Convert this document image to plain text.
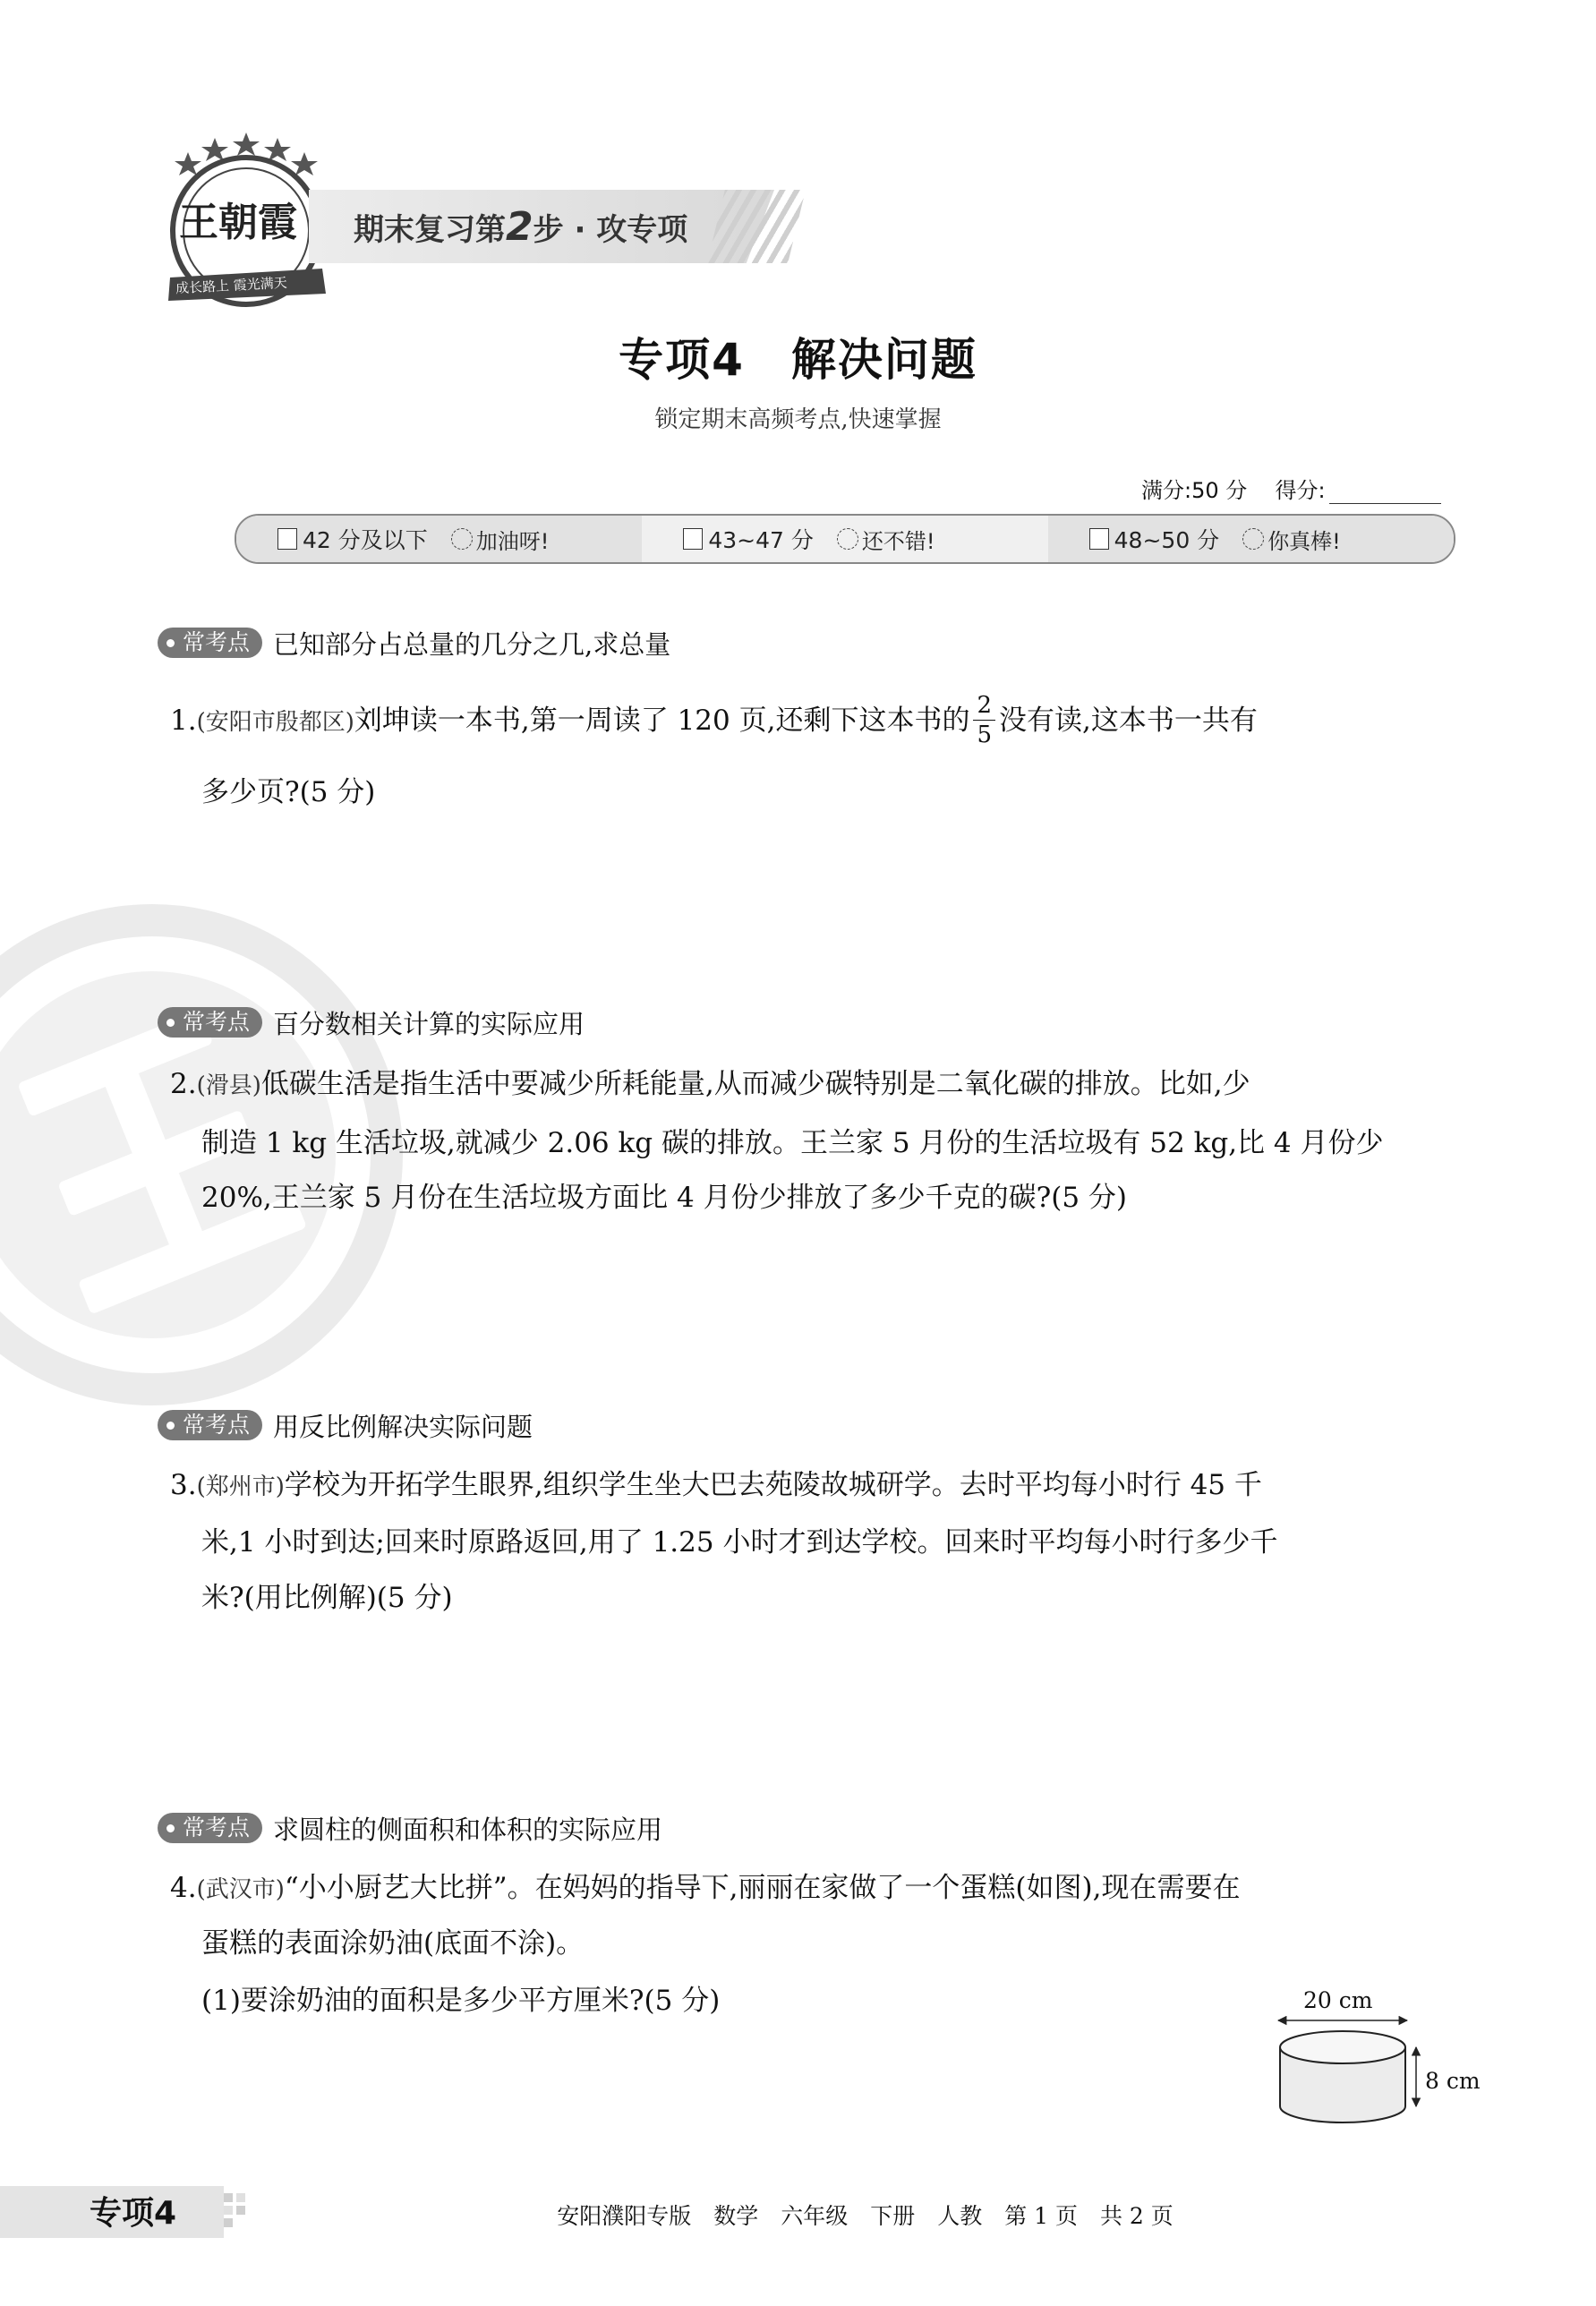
王朝霞
成长路上 霞光满天
期末复习第2步 · 攻专项
专项4　解决问题
锁定期末高频考点,快速掌握
满分:50 分 得分:
42 分及以下 加油呀!	43~47 分 还不错!	48~50 分 你真棒!
常考点 已知部分占总量的几分之几,求总量
1.(安阳市殷都区)刘坤读一本书,第一周读了 120 页,还剩下这本书的 $\frac{2}{5}$ 没有读,这本书一共有
多少页?(5 分)
常考点 百分数相关计算的实际应用
2.(滑县)低碳生活是指生活中要减少所耗能量,从而减少碳特别是二氧化碳的排放。比如,少
制造 1 kg 生活垃圾,就减少 2.06 kg 碳的排放。王兰家 5 月份的生活垃圾有 52 kg,比 4 月份少
20%,王兰家 5 月份在生活垃圾方面比 4 月份少排放了多少千克的碳?(5 分)
常考点 用反比例解决实际问题
3.(郑州市)学校为开拓学生眼界,组织学生坐大巴去苑陵故城研学。去时平均每小时行 45 千
米,1 小时到达;回来时原路返回,用了 1.25 小时才到达学校。回来时平均每小时行多少千
米?(用比例解)(5 分)
常考点 求圆柱的侧面积和体积的实际应用
4.(武汉市)“小小厨艺大比拼”。在妈妈的指导下,丽丽在家做了一个蛋糕(如图),现在需要在
蛋糕的表面涂奶油(底面不涂)。
(1)要涂奶油的面积是多少平方厘米?(5 分)	20 cm
8 cm
专项4	安阳濮阳专版　数学　六年级　下册　人教　第 1 页　共 2 页
